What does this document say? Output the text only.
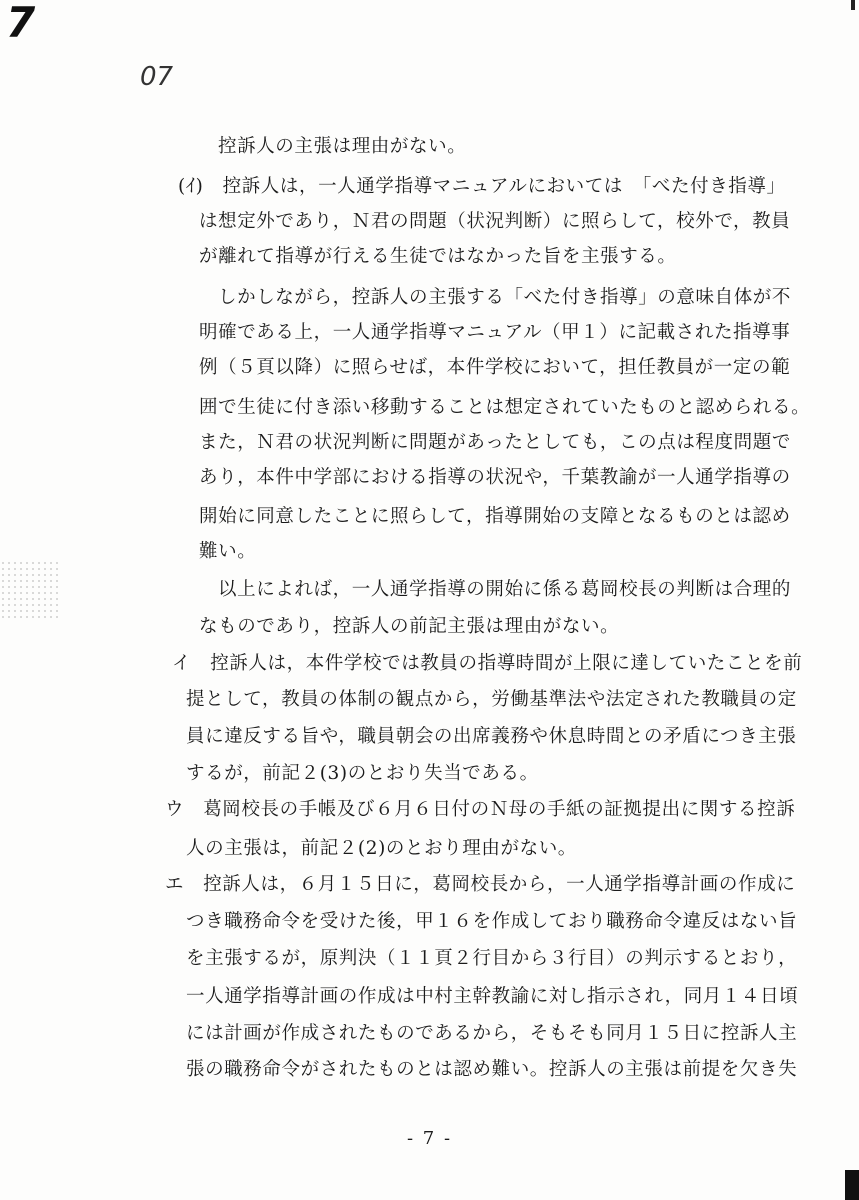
7
07

控訴人の主張は理由がない。

(ｲ)　控訴人は，一人通学指導マニュアルにおいては　「べた付き指導」

は想定外であり，Ｎ君の問題（状況判断）に照らして，校外で，教員

が離れて指導が行える生徒ではなかった旨を主張する。

しかしながら，控訴人の主張する「べた付き指導」の意味自体が不

明確である上，一人通学指導マニュアル（甲１）に記載された指導事

例（５頁以降）に照らせば，本件学校において，担任教員が一定の範

囲で生徒に付き添い移動することは想定されていたものと認められる。

また，Ｎ君の状況判断に問題があったとしても，この点は程度問題で

あり，本件中学部における指導の状況や，千葉教諭が一人通学指導の

開始に同意したことに照らして，指導開始の支障となるものとは認め

難い。

以上によれば，一人通学指導の開始に係る葛岡校長の判断は合理的

なものであり，控訴人の前記主張は理由がない。

イ　控訴人は，本件学校では教員の指導時間が上限に達していたことを前

提として，教員の体制の観点から，労働基準法や法定された教職員の定

員に違反する旨や，職員朝会の出席義務や休息時間との矛盾につき主張

するが，前記２(3)のとおり失当である。

ウ　葛岡校長の手帳及び６月６日付のＮ母の手紙の証拠提出に関する控訴

人の主張は，前記２(2)のとおり理由がない。

エ　控訴人は，６月１５日に，葛岡校長から，一人通学指導計画の作成に

つき職務命令を受けた後，甲１６を作成しており職務命令違反はない旨

を主張するが，原判決（１１頁２行目から３行目）の判示するとおり，

一人通学指導計画の作成は中村主幹教諭に対し指示され，同月１４日頃

には計画が作成されたものであるから，そもそも同月１５日に控訴人主

張の職務命令がされたものとは認め難い。控訴人の主張は前提を欠き失

- 7 -
